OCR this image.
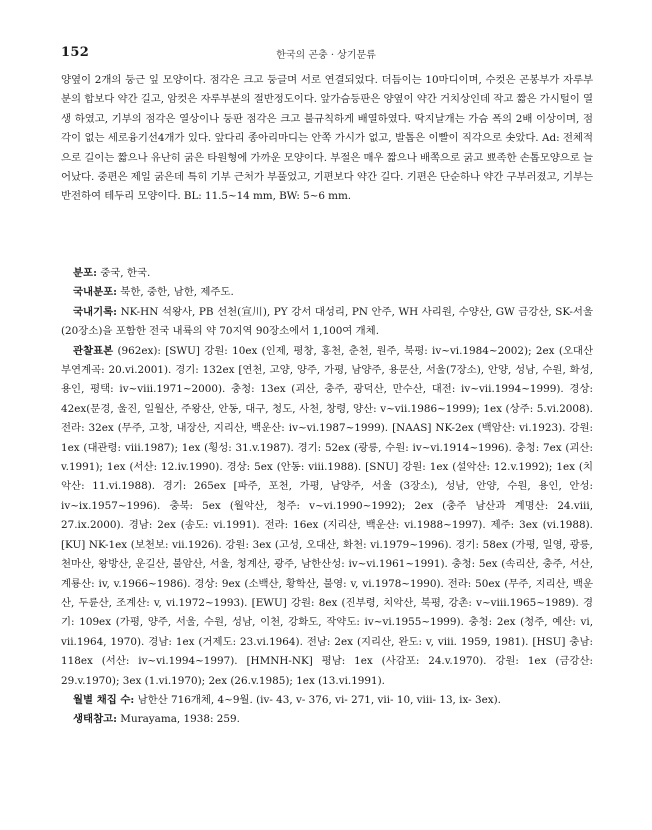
152	한국의 곤충 · 상기문류

양옆이 2개의 둥근 잎 모양이다. 점각은 크고 둥글며 서로 연결되었다. 더듬이는 10마디이며, 수컷은 곤봉부가 자루부분의 합보다 약간 길고, 암컷은 자루부분의 절반정도이다. 앞가슴등판은 양옆이 약간 거치상인데 작고 짧은 가시털이 열생 하였고, 기부의 점각은 열상이나 둥판 점각은 크고 불규칙하게 배열하였다. 딱지날개는 가슴 폭의 2배 이상이며, 점각이 없는 세로융기선4개가 있다. 앞다리 종아리마디는 안쪽 가시가 없고, 발톱은 이빨이 직각으로 솟았다. Ad: 전체적으로 길이는 짧으나 유난히 굵은 타원형에 가까운 모양이다. 부절은 매우 짧으나 배쪽으로 굵고 뾰족한 손톱모양으로 늘어났다. 중편은 제일 굵은데 특히 기부 근처가 부풀었고, 기편보다 약간 길다. 기편은 단순하나 약간 구부러졌고, 기부는 반전하여 테두리 모양이다. BL: 11.5~14 mm, BW: 5~6 mm.

분포: 중국, 한국.

국내분포: 북한, 중한, 남한, 제주도.

국내기록: NK-HN 석왕사, PB 선천(宣川), PY 강서 대성리, PN 안주, WH 사리원, 수양산, GW 금강산, SK-서울(20장소)을 포함한 전국 내륙의 약 70지역 90장소에서 1,100여 개체.

관찰표본 (962ex): [SWU] 강원: 10ex (인제, 평창, 홍천, 춘천, 원주, 북평: iv~vi.1984~2002); 2ex (오대산 부연계곡: 20.vi.2001). 경기: 132ex [연천, 고양, 양주, 가평, 남양주, 용문산, 서울(7장소), 안양, 성남, 수원, 화성, 용인, 평택: iv~viii.1971~2000). 충청: 13ex (괴산, 충주, 광덕산, 만수산, 대전: iv~vii.1994~1999). 경상: 42ex(문경, 울진, 일월산, 주왕산, 안동, 대구, 청도, 사천, 창령, 양산: v~vii.1986~1999); 1ex (상주: 5.vi.2008). 전라: 32ex (무주, 고창, 내장산, 지리산, 백운산: iv~vi.1987~1999). [NAAS] NK-2ex (백암산: vi.1923). 강원: 1ex (대관령: viii.1987); 1ex (횡성: 31.v.1987). 경기: 52ex (광릉, 수원: iv~vi.1914~1996). 충청: 7ex (괴산: v.1991); 1ex (서산: 12.iv.1990). 경상: 5ex (안동: viii.1988). [SNU] 강원: 1ex (설악산: 12.v.1992); 1ex (치악산: 11.vi.1988). 경기: 265ex [파주, 포천, 가평, 남양주, 서울 (3장소), 성남, 안양, 수원, 용인, 안성: iv~ix.1957~1996). 충북: 5ex (월악산, 청주: v~vi.1990~1992); 2ex (충주 남산과 계명산: 24.viii, 27.ix.2000). 경남: 2ex (송도: vi.1991). 전라: 16ex (지리산, 백운산: vi.1988~1997). 제주: 3ex (vi.1988). [KU] NK-1ex (보천보: vii.1926). 강원: 3ex (고성, 오대산, 화천: vi.1979~1996). 경기: 58ex (가평, 일영, 광릉, 천마산, 왕방산, 운길산, 불암산, 서울, 청계산, 광주, 남한산성: iv~vi.1961~1991). 충청: 5ex (속리산, 충주, 서산, 계룡산: iv, v.1966~1986). 경상: 9ex (소백산, 황학산, 불영: v, vi.1978~1990). 전라: 50ex (무주, 지리산, 백운산, 두륜산, 조계산: v, vi.1972~1993). [EWU] 강원: 8ex (진부령, 치악산, 북평, 강촌: v~viii.1965~1989). 경기: 109ex (가평, 양주, 서울, 수원, 성남, 이천, 강화도, 작약도: iv~vi.1955~1999). 충청: 2ex (청주, 예산: vi, vii.1964, 1970). 경남: 1ex (거제도: 23.vi.1964). 전남: 2ex (지리산, 완도: v, viii. 1959, 1981). [HSU] 충남: 118ex (서산: iv~vi.1994~1997). [HMNH-NK] 평남: 1ex (사감포: 24.v.1970). 강원: 1ex (금강산: 29.v.1970); 3ex (1.vi.1970); 2ex (26.v.1985); 1ex (13.vi.1991).

월별 채집 수: 남한산 716개체, 4~9월. (iv- 43, v- 376, vi- 271, vii- 10, viii- 13, ix- 3ex).

생태참고: Murayama, 1938: 259.
